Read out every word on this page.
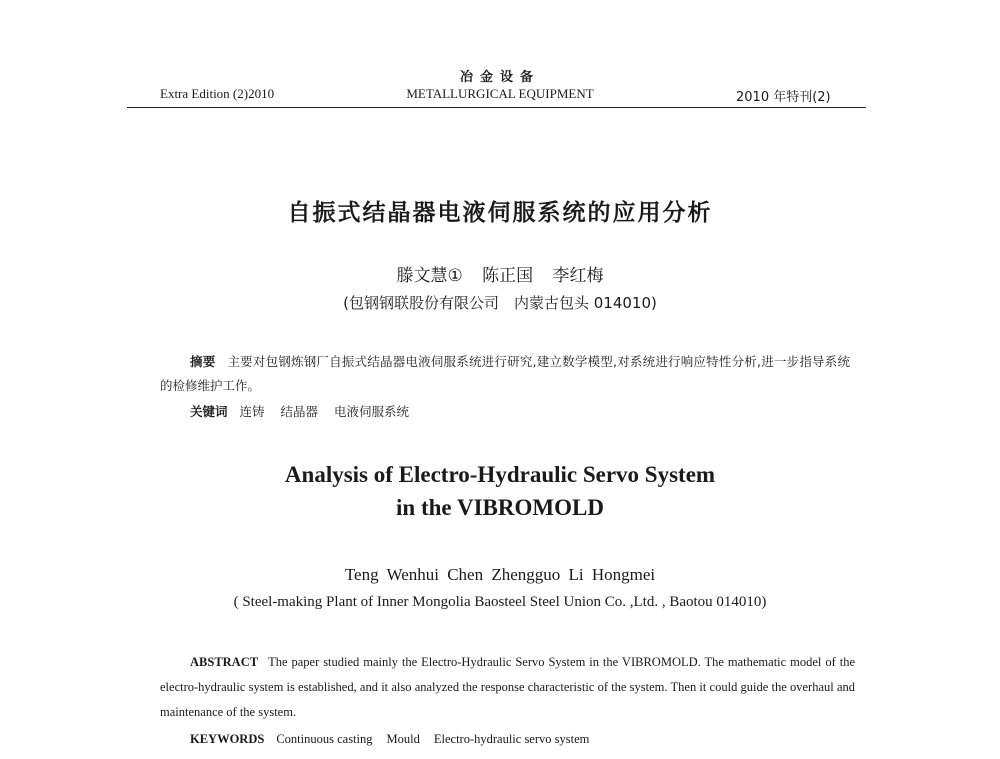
Extra Edition (2)2010
冶金设备
METALLURGICAL EQUIPMENT	2010 年特刊(2)
自振式结晶器电液伺服系统的应用分析
滕文慧① 陈正国 李红梅
(包钢钢联股份有限公司　内蒙古包头 014010)
摘要 主要对包钢炼钢厂自振式结晶器电液伺服系统进行研究,建立数学模型,对系统进行响应特性分析,进一步指导系统的检修维护工作。
关键词 连铸 结晶器 电液伺服系统
Analysis of Electro-Hydraulic Servo System
in the VIBROMOLD
Teng Wenhui Chen Zhengguo Li Hongmei
( Steel-making Plant of Inner Mongolia Baosteel Steel Union Co. ,Ltd. , Baotou 014010)
ABSTRACT The paper studied mainly the Electro-Hydraulic Servo System in the VIBROMOLD. The mathematic model of the electro-hydraulic system is established, and it also analyzed the response characteristic of the system. Then it could guide the overhaul and maintenance of the system.
KEYWORDS Continuous casting Mould Electro-hydraulic servo system
